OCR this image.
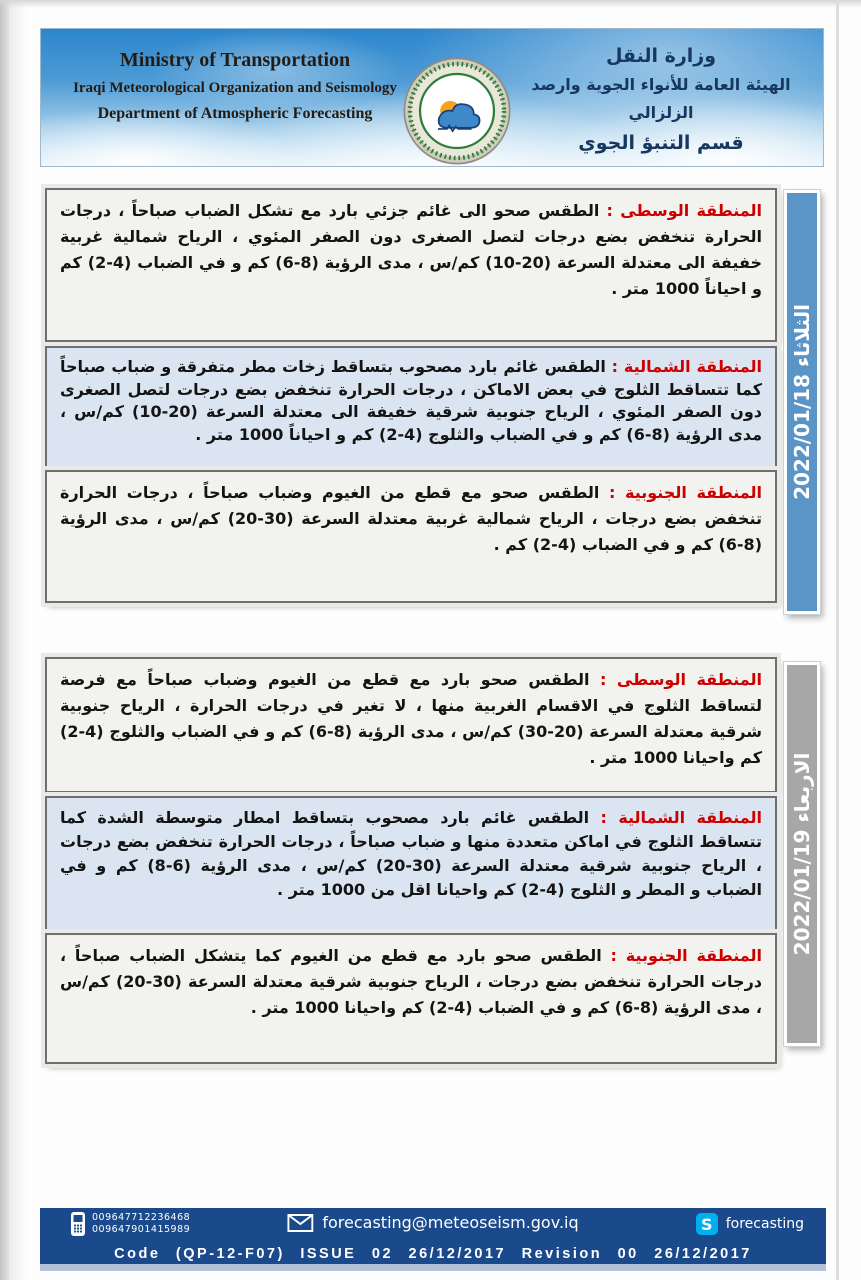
Ministry of Transportation
Iraqi Meteorological Organization and Seismology
Department of Atmospheric Forecasting
وزارة النقل
الهيئة العامة للأنواء الجوية وارصد الزلزالي
قسم التنبؤ الجوي
المنطقة الوسطى : الطقس صحو الى غائم جزئي بارد مع تشكل الضباب صباحاً ، درجات الحرارة تنخفض بضع درجات لتصل الصغرى دون الصفر المئوي ، الرياح شمالية غربية خفيفة الى معتدلة السرعة (20-10) كم/س ، مدى الرؤية (8-6) كم و في الضباب (4-2) كم و احياناً 1000 متر .
المنطقة الشمالية : الطقس غائم بارد مصحوب بتساقط زخات مطر متفرقة و ضباب صباحاً كما تتساقط الثلوج في بعض الاماكن ، درجات الحرارة تنخفض بضع درجات لتصل الصغرى دون الصفر المئوي ، الرياح جنوبية شرقية خفيفة الى معتدلة السرعة (20-10) كم/س ، مدى الرؤية (8-6) كم و في الضباب والثلوج (4-2) كم و احياناً 1000 متر .
المنطقة الجنوبية : الطقس صحو مع قطع من الغيوم وضباب صباحاً ، درجات الحرارة تنخفض بضع درجات ، الرياح شمالية غربية معتدلة السرعة (30-20) كم/س ، مدى الرؤية (8-6) كم و في الضباب (4-2) كم .
الثلاثاء 2022/01/18
المنطقة الوسطى : الطقس صحو بارد مع قطع من الغيوم وضباب صباحاً مع فرصة لتساقط الثلوج في الاقسام الغربية منها ، لا تغير في درجات الحرارة ، الرياح جنوبية شرقية معتدلة السرعة (20-30) كم/س ، مدى الرؤية (8-6) كم و في الضباب والثلوج (4-2) كم واحيانا 1000 متر .
المنطقة الشمالية : الطقس غائم بارد مصحوب بتساقط امطار متوسطة الشدة كما تتساقط الثلوج في اماكن متعددة منها و ضباب صباحاً ، درجات الحرارة تنخفض بضع درجات ، الرياح جنوبية شرقية معتدلة السرعة (30-20) كم/س ، مدى الرؤية (6-8) كم و في الضباب و المطر و الثلوج (4-2) كم واحيانا اقل من 1000 متر .
المنطقة الجنوبية : الطقس صحو بارد مع قطع من الغيوم كما يتشكل الضباب صباحاً ، درجات الحرارة تنخفض بضع درجات ، الرياح جنوبية شرقية معتدلة السرعة (30-20) كم/س ، مدى الرؤية (8-6) كم و في الضباب (4-2) كم واحيانا 1000 متر .
الاربعاء 2022/01/19
009647712236468
009647901415989	forecasting@meteoseism.gov.iq	S forecasting
Code (QP-12-F07) ISSUE 02 26/12/2017 Revision 00 26/12/2017
